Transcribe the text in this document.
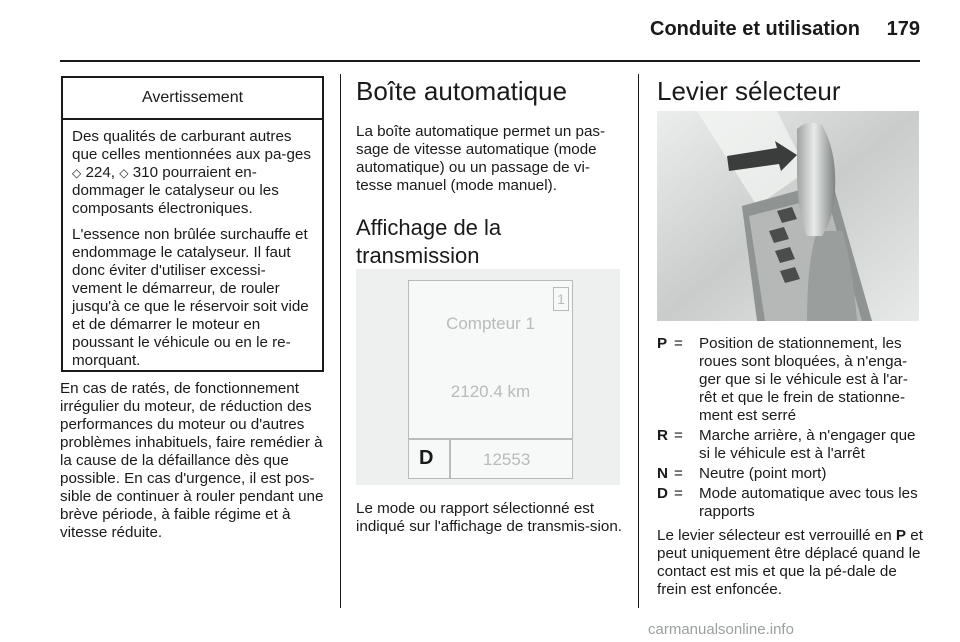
Conduite et utilisation 179
Avertissement

Des qualités de carburant autres que celles mentionnées aux pa-ges ◇ 224, ◇ 310 pourraient en-dommager le catalyseur ou les composants électroniques.

L'essence non brûlée surchauffe et endommage le catalyseur. Il faut donc éviter d'utiliser excessi-vement le démarreur, de rouler jusqu'à ce que le réservoir soit vide et de démarrer le moteur en poussant le véhicule ou en le re-morquant.

En cas de ratés, de fonctionnement irrégulier du moteur, de réduction des performances du moteur ou d'autres problèmes inhabituels, faire remédier à la cause de la défaillance dès que possible. En cas d'urgence, il est pos-sible de continuer à rouler pendant une brève période, à faible régime et à vitesse réduite.
Boîte automatique
La boîte automatique permet un pas-sage de vitesse automatique (mode automatique) ou un passage de vi-tesse manuel (mode manuel).
Affichage de la transmission
1
Compteur 1
2120.4 km
D	12553
Le mode ou rapport sélectionné est indiqué sur l'affichage de transmis-sion.
Levier sélecteur
P =	Position de stationnement, les roues sont bloquées, à n'enga-ger que si le véhicule est à l'ar-rêt et que le frein de stationne-ment est serré
R =	Marche arrière, à n'engager que si le véhicule est à l'arrêt
N =	Neutre (point mort)
D =	Mode automatique avec tous les rapports
Le levier sélecteur est verrouillé en P et peut uniquement être déplacé quand le contact est mis et que la pé-dale de frein est enfoncée.
carmanualsonline.info
